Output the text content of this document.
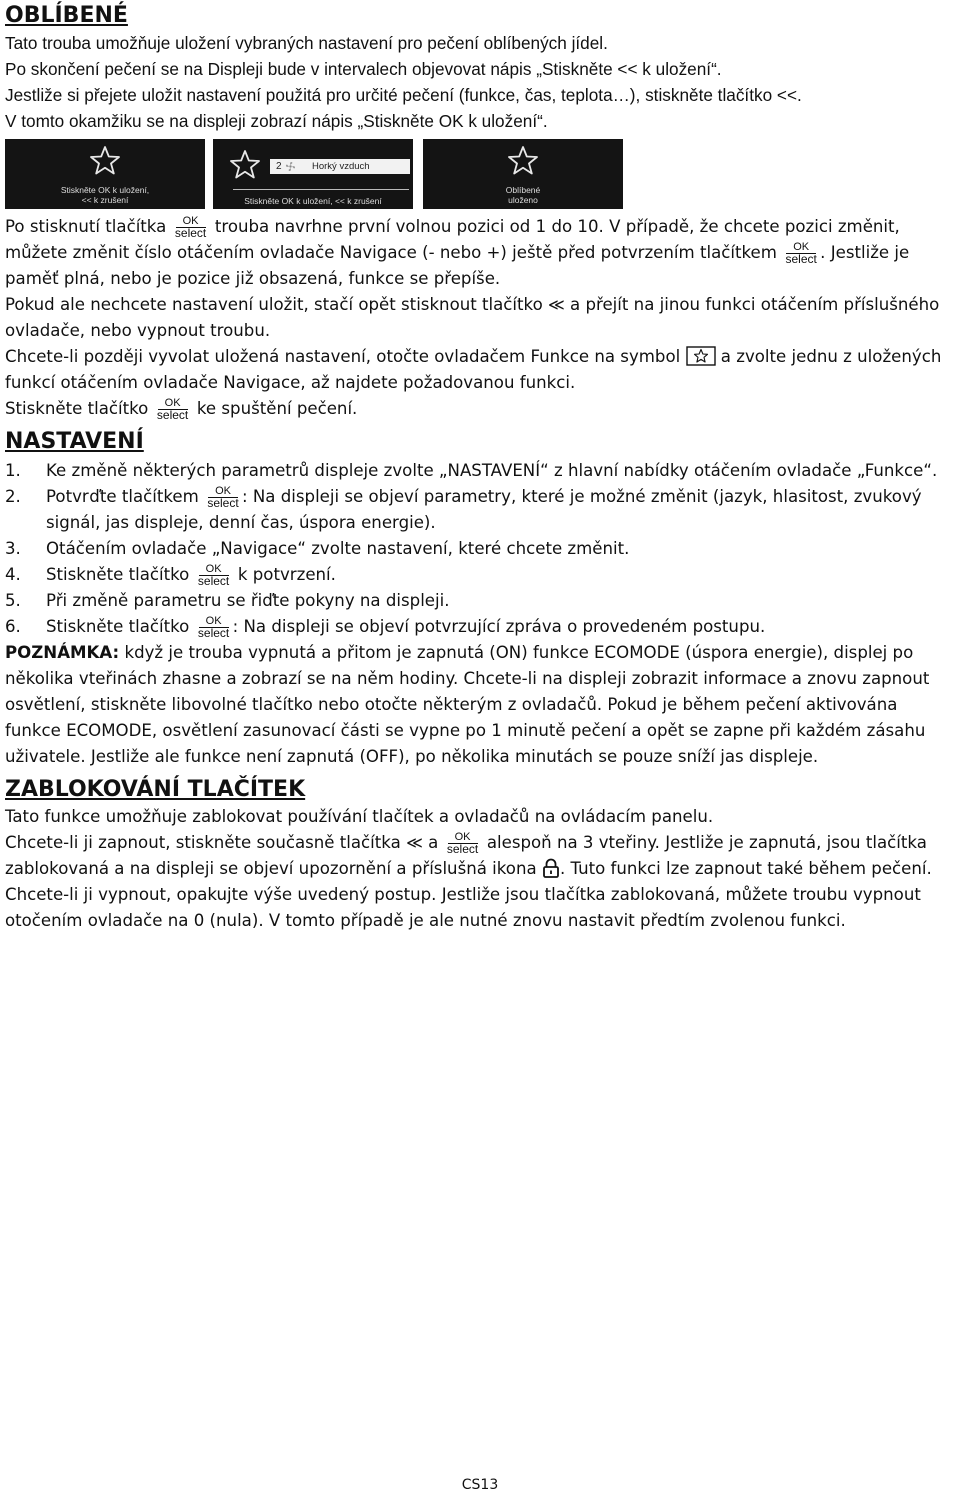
OBLÍBENÉ

Tato trouba umožňuje uložení vybraných nastavení pro pečení oblíbených jídel.

Po skončení pečení se na Displeji bude v intervalech objevovat nápis „Stiskněte << k uložení“.

Jestliže si přejete uložit nastavení použitá pro určité pečení (funkce, čas, teplota…), stiskněte tlačítko <<.

V tomto okamžiku se na displeji zobrazí nápis „Stiskněte OK k uložení“.

Stiskněte OK k uložení,
<< k zrušení
2	Horký vzduch
Stiskněte OK k uložení, << k zrušení
Oblíbené
uloženo

Po stisknutí tlačítka	OK
select trouba navrhne první volnou pozici od 1 do 10. V případě, že chcete pozici změnit, můžete změnit číslo otáčením ovladače Navigace (- nebo +) ještě před potvrzením tlačítkem	OK
select . Jestliže je paměť plná, nebo je pozice již obsazená, funkce se přepíše.

Pokud ale nechcete nastavení uložit, stačí opět stisknout tlačítko ≪ a přejít na jinou funkci otáčením příslušného ovladače, nebo vypnout troubu.

Chcete-li později vyvolat uložená nastavení, otočte ovladačem Funkce na symbol a zvolte jednu z uložených funkcí otáčením ovladače Navigace, až najdete požadovanou funkci.

Stiskněte tlačítko	OK
select ke spuštění pečení.

NASTAVENÍ
1. Ke změně některých parametrů displeje zvolte „NASTAVENÍ“ z hlavní nabídky otáčením ovladače „Funkce“.
2. Potvrďte tlačítkem	OK
select : Na displeji se objeví parametry, které je možné změnit (jazyk, hlasitost, zvukový signál, jas displeje, denní čas, úspora energie).
3. Otáčením ovladače „Navigace“ zvolte nastavení, které chcete změnit.
4. Stiskněte tlačítko	OK
select k potvrzení.
5. Při změně parametru se řiďte pokyny na displeji.
6. Stiskněte tlačítko	OK
select : Na displeji se objeví potvrzující zpráva o provedeném postupu.

POZNÁMKA: když je trouba vypnutá a přitom je zapnutá (ON) funkce ECOMODE (úspora energie), displej po několika vteřinách zhasne a zobrazí se na něm hodiny. Chcete-li na displeji zobrazit informace a znovu zapnout osvětlení, stiskněte libovolné tlačítko nebo otočte některým z ovladačů. Pokud je během pečení aktivována funkce ECOMODE, osvětlení zasunovací části se vypne po 1 minutě pečení a opět se zapne při každém zásahu uživatele. Jestliže ale funkce není zapnutá (OFF), po několika minutách se pouze sníží jas displeje.

ZABLOKOVÁNÍ TLAČÍTEK

Tato funkce umožňuje zablokovat používání tlačítek a ovladačů na ovládacím panelu.

Chcete-li ji zapnout, stiskněte současně tlačítka ≪ a	OK
select alespoň na 3 vteřiny. Jestliže je zapnutá, jsou tlačítka zablokovaná a na displeji se objeví upozornění a příslušná ikona . Tuto funkci lze zapnout také během pečení. Chcete-li ji vypnout, opakujte výše uvedený postup. Jestliže jsou tlačítka zablokovaná, můžete troubu vypnout otočením ovladače na 0 (nula). V tomto případě je ale nutné znovu nastavit předtím zvolenou funkci.

CS13
